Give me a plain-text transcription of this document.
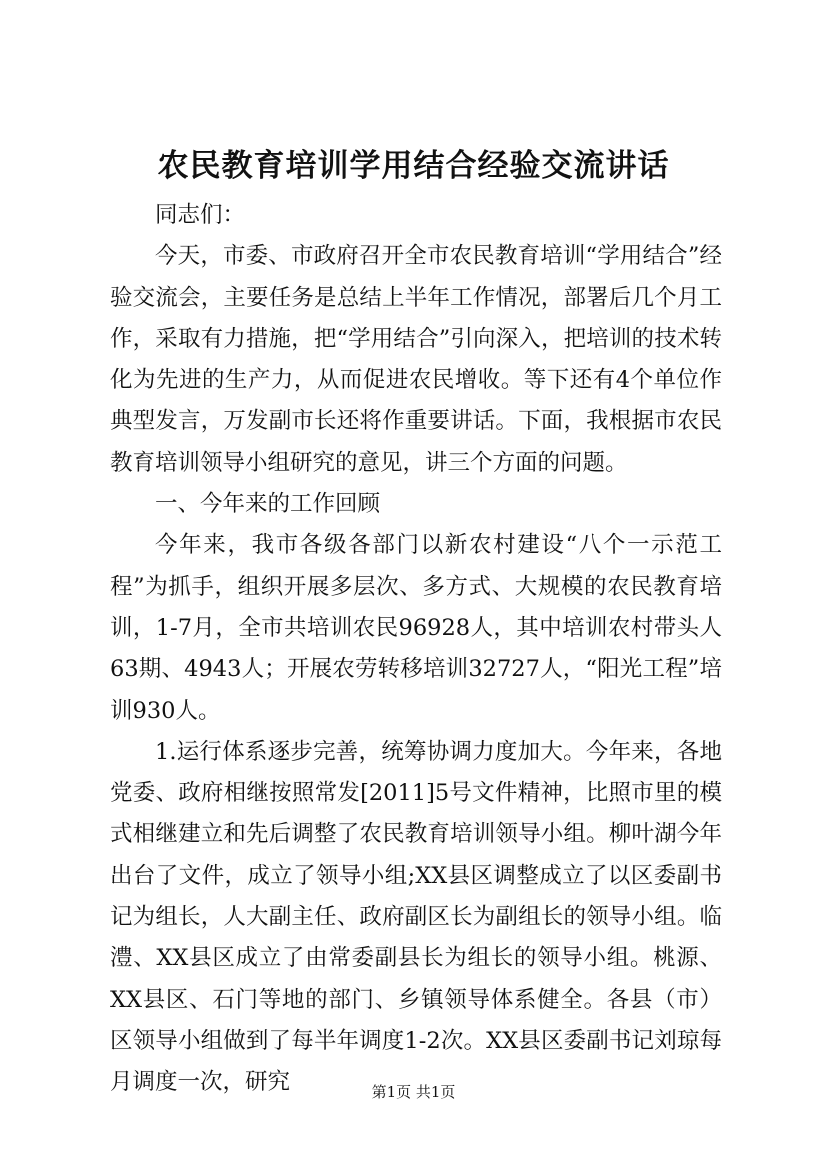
农民教育培训学用结合经验交流讲话

同志们：

今天，市委、市政府召开全市农民教育培训“学用结合”经验交流会，主要任务是总结上半年工作情况，部署后几个月工作，采取有力措施，把“学用结合”引向深入，把培训的技术转化为先进的生产力，从而促进农民增收。等下还有4个单位作典型发言，万发副市长还将作重要讲话。下面，我根据市农民教育培训领导小组研究的意见，讲三个方面的问题。

一、今年来的工作回顾

今年来，我市各级各部门以新农村建设“八个一示范工程”为抓手，组织开展多层次、多方式、大规模的农民教育培训，1-7月，全市共培训农民96928人，其中培训农村带头人63期、4943人；开展农劳转移培训32727人，“阳光工程”培训930人。

1.运行体系逐步完善，统筹协调力度加大。今年来，各地党委、政府相继按照常发[2011]5号文件精神，比照市里的模式相继建立和先后调整了农民教育培训领导小组。柳叶湖今年出台了文件，成立了领导小组;XX县区调整成立了以区委副书记为组长，人大副主任、政府副区长为副组长的领导小组。临澧、XX县区成立了由常委副县长为组长的领导小组。桃源、XX县区、石门等地的部门、乡镇领导体系健全。各县（市）区领导小组做到了每半年调度1-2次。XX县区委副书记刘琼每月调度一次，研究	第1页 共1页
